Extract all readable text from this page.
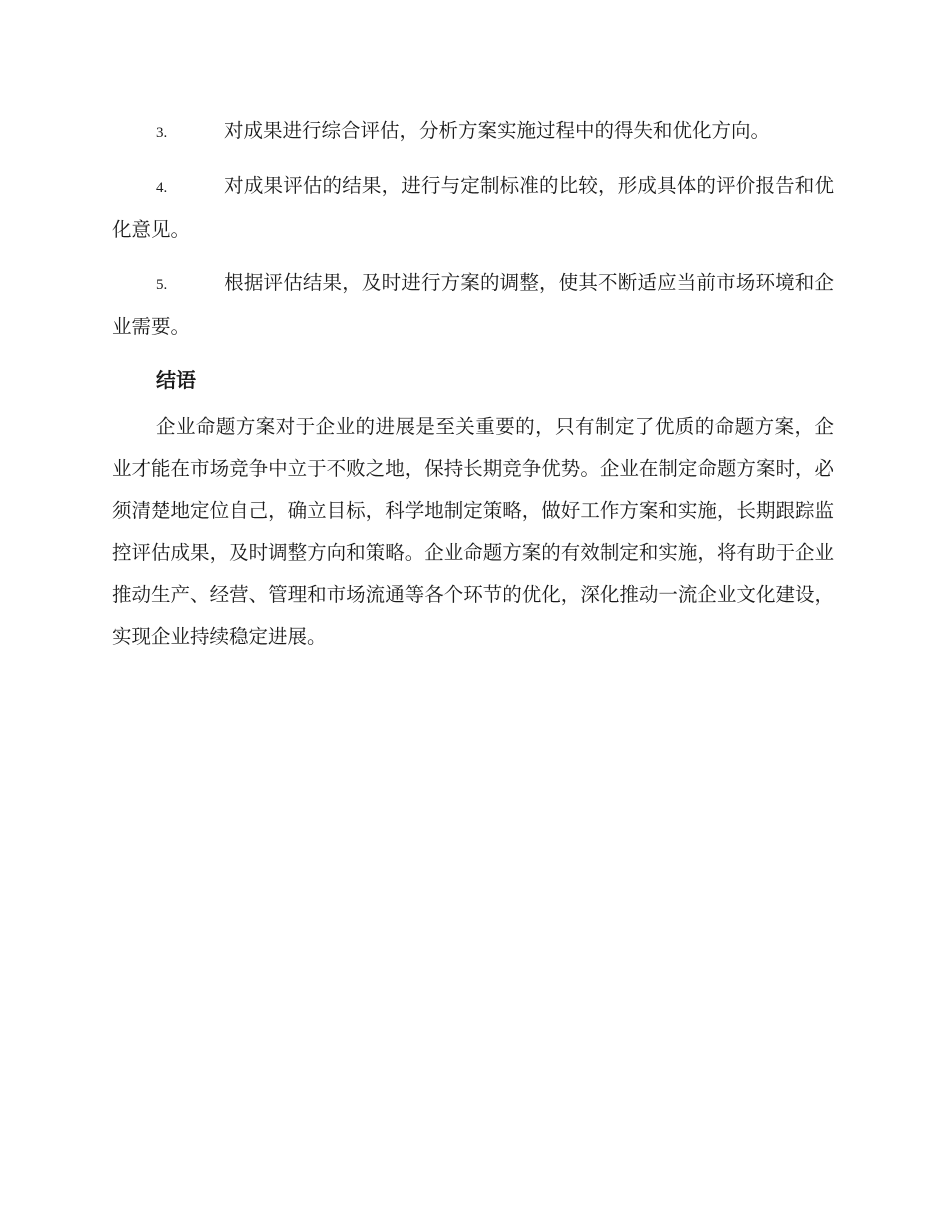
3.	对成果进行综合评估，分析方案实施过程中的得失和优化方向。

4.	对成果评估的结果，进行与定制标准的比较，形成具体的评价报告和优化意见。

5.	根据评估结果，及时进行方案的调整，使其不断适应当前市场环境和企业需要。

结语

企业命题方案对于企业的进展是至关重要的，只有制定了优质的命题方案，企业才能在市场竞争中立于不败之地，保持长期竞争优势。企业在制定命题方案时，必须清楚地定位自己，确立目标，科学地制定策略，做好工作方案和实施，长期跟踪监控评估成果，及时调整方向和策略。企业命题方案的有效制定和实施，将有助于企业推动生产、经营、管理和市场流通等各个环节的优化，深化推动一流企业文化建设，实现企业持续稳定进展。
